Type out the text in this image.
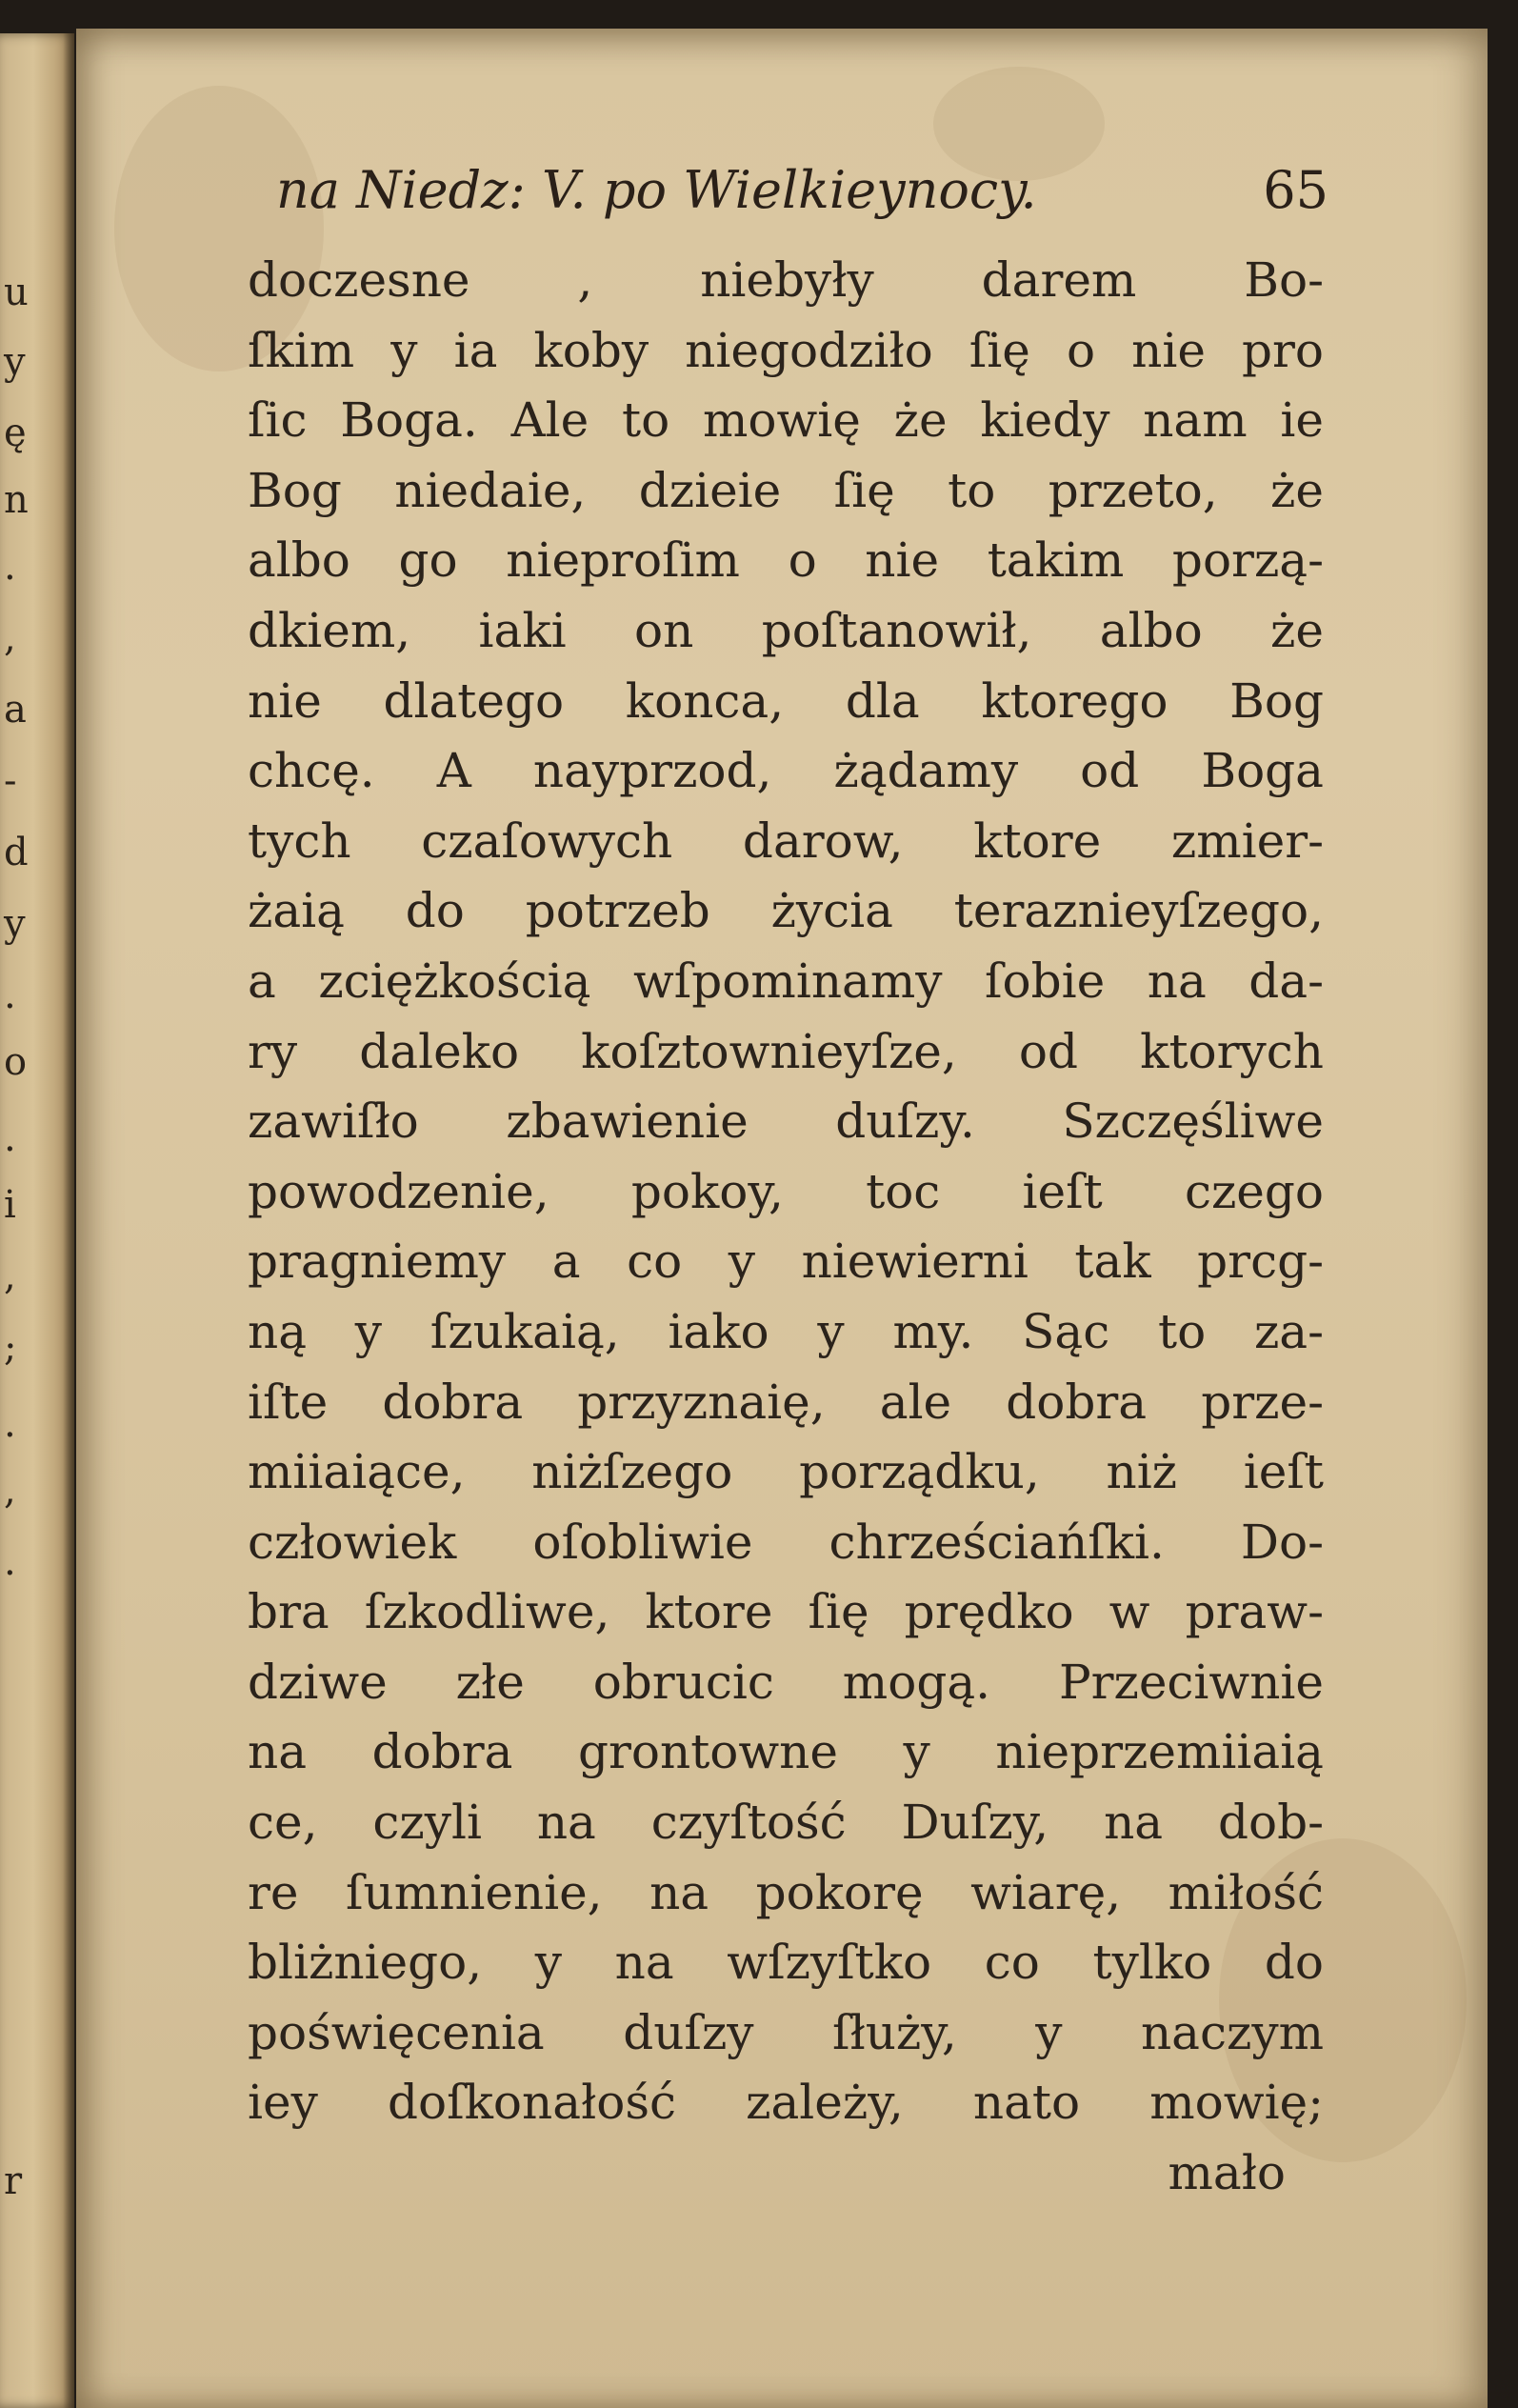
u
y
ę
n
.
,
a
-
d
y
.
o
.
i
,
;
.
,
.
r
na Niedz: V. po Wielkieynocy.	65
doczesne , niebyły darem Bo-
ſkim y ia koby niegodziło ſię o nie pro
ſic Boga. Ale to mowię że kiedy nam ie
Bog niedaie, dzieie ſię to przeto, że
albo go nieproſim o nie takim porzą-
dkiem, iaki on poſtanowił, albo że
nie dlatego konca, dla ktorego Bog
chcę. A nayprzod, żądamy od Boga
tych czaſowych darow, ktore zmier-
żaią do potrzeb życia teraznieyſzego,
a zciężkością wſpominamy ſobie na da-
ry daleko koſztownieyſze, od ktorych
zawiſło zbawienie duſzy. Szczęśliwe
powodzenie, pokoy, toc ieſt czego
pragniemy a co y niewierni tak prcg-
ną y ſzukaią, iako y my. Sąc to za-
iſte dobra przyznaię, ale dobra prze-
miiaiące, niżſzego porządku, niż ieſt
człowiek oſobliwie chrześciańſki. Do-
bra ſzkodliwe, ktore ſię prędko w praw-
dziwe złe obrucic mogą. Przeciwnie
na dobra grontowne y nieprzemiiaią
ce, czyli na czyſtość Duſzy, na dob-
re ſumnienie, na pokorę wiarę, miłość
bliżniego, y na wſzyſtko co tylko do
poświęcenia duſzy ſłuży, y naczym
iey doſkonałość zależy, nato mowię;
mało
